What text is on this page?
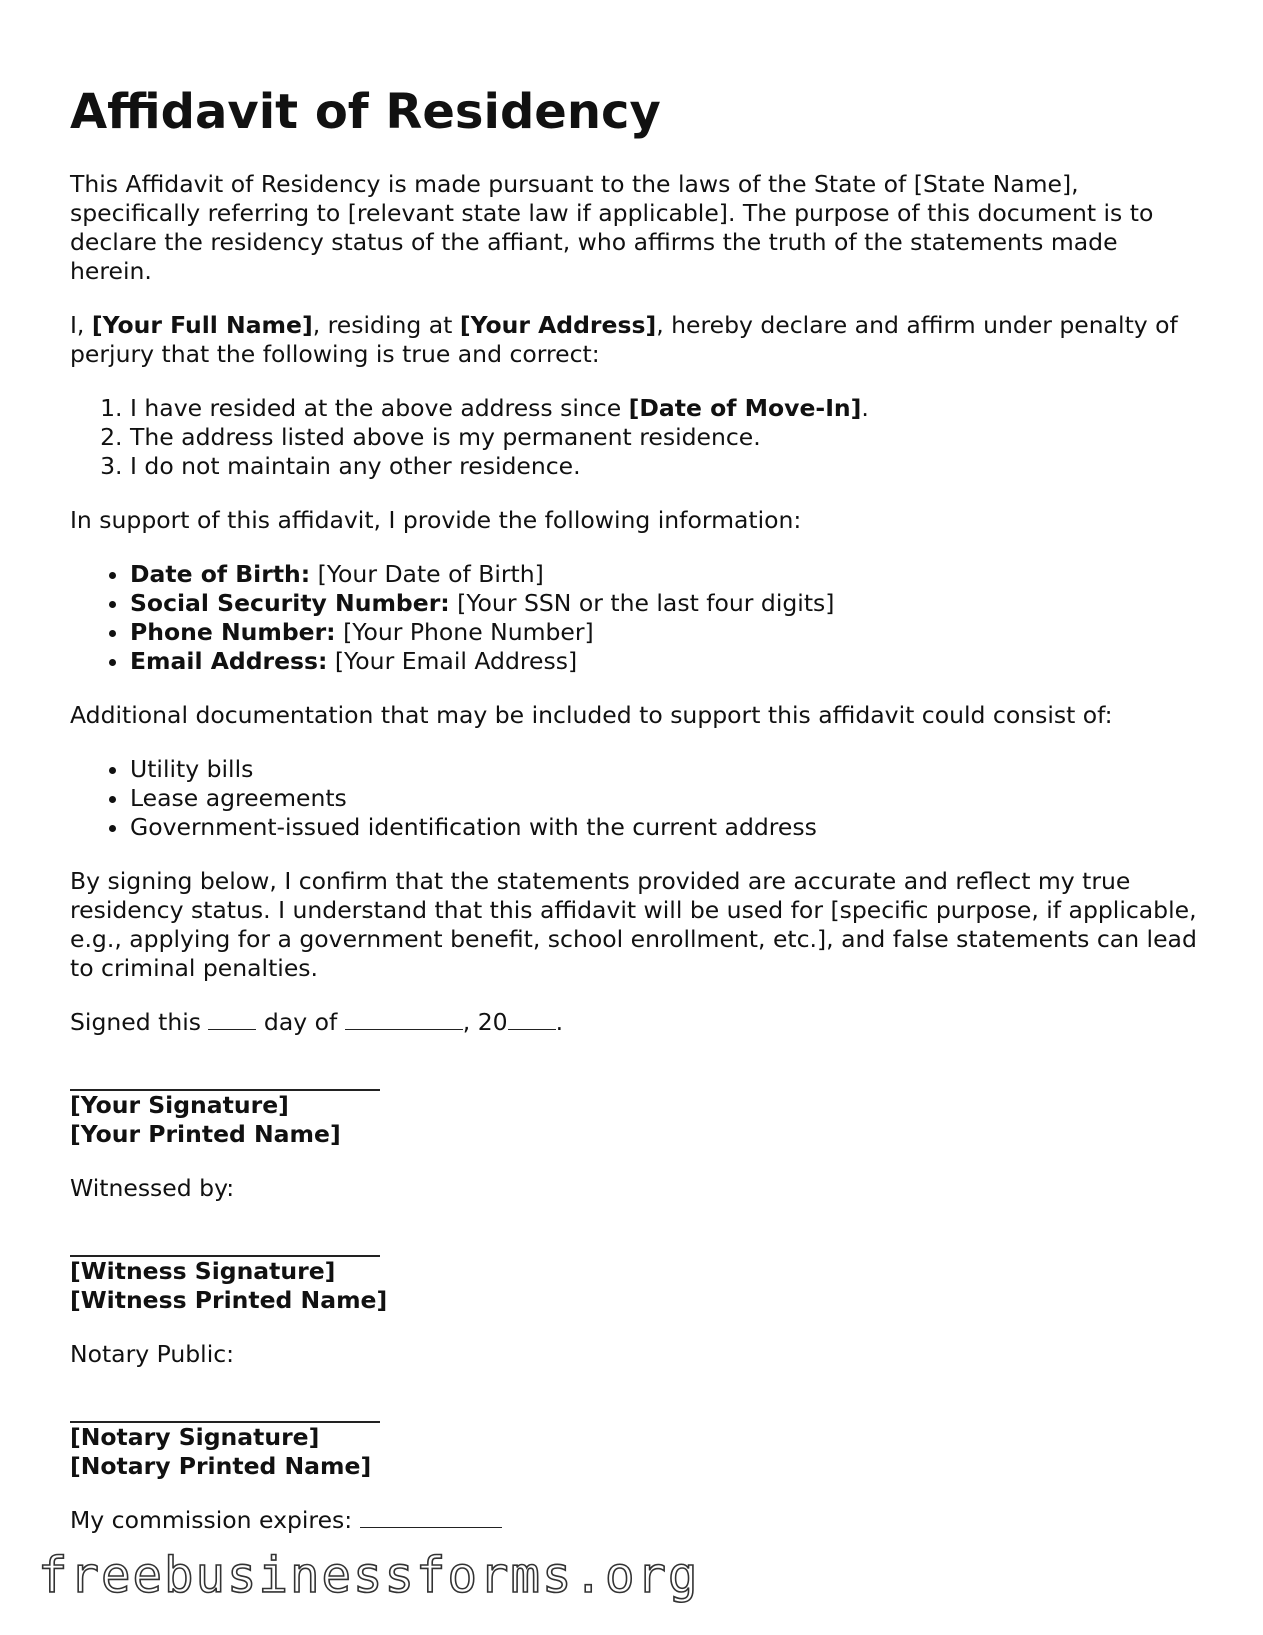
Affidavit of Residency

This Affidavit of Residency is made pursuant to the laws of the State of [State Name], specifically referring to [relevant state law if applicable]. The purpose of this document is to declare the residency status of the affiant, who affirms the truth of the statements made herein.

I, [Your Full Name], residing at [Your Address], hereby declare and affirm under penalty of perjury that the following is true and correct:

1. I have resided at the above address since [Date of Move-In].
2. The address listed above is my permanent residence.
3. I do not maintain any other residence.

In support of this affidavit, I provide the following information:

• Date of Birth: [Your Date of Birth]
• Social Security Number: [Your SSN or the last four digits]
• Phone Number: [Your Phone Number]
• Email Address: [Your Email Address]

Additional documentation that may be included to support this affidavit could consist of:

• Utility bills
• Lease agreements
• Government-issued identification with the current address

By signing below, I confirm that the statements provided are accurate and reflect my true residency status. I understand that this affidavit will be used for [specific purpose, if applicable, e.g., applying for a government benefit, school enrollment, etc.], and false statements can lead to criminal penalties.

Signed this  day of	, 20 .

[Your Signature]
[Your Printed Name]

Witnessed by:

[Witness Signature]
[Witness Printed Name]

Notary Public:

[Notary Signature]
[Notary Printed Name]

My commission expires:

freebusinessforms.org
